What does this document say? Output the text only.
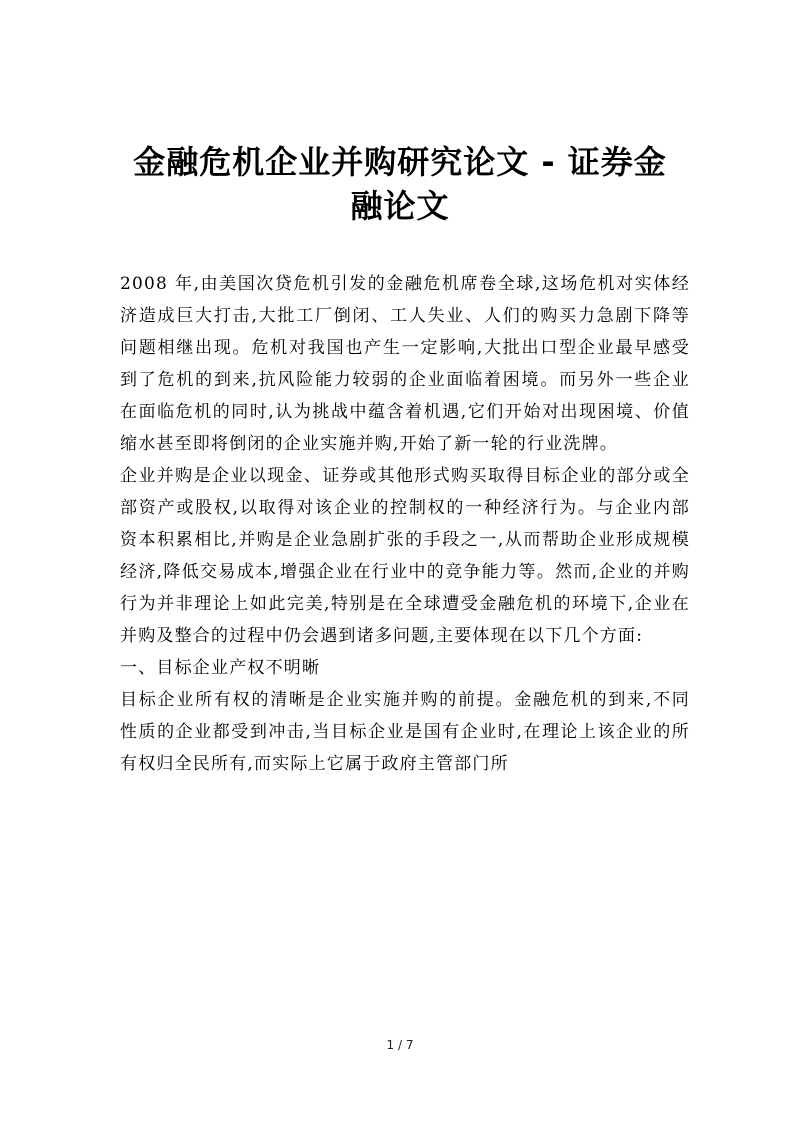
金融危机企业并购研究论文 - 证券金融论文

2008 年,由美国次贷危机引发的金融危机席卷全球,这场危机对实体经济造成巨大打击,大批工厂倒闭、工人失业、人们的购买力急剧下降等问题相继出现。危机对我国也产生一定影响,大批出口型企业最早感受到了危机的到来,抗风险能力较弱的企业面临着困境。而另外一些企业在面临危机的同时,认为挑战中蕴含着机遇,它们开始对出现困境、价值缩水甚至即将倒闭的企业实施并购,开始了新一轮的行业洗牌。

企业并购是企业以现金、证券或其他形式购买取得目标企业的部分或全部资产或股权,以取得对该企业的控制权的一种经济行为。与企业内部资本积累相比,并购是企业急剧扩张的手段之一,从而帮助企业形成规模经济,降低交易成本,增强企业在行业中的竞争能力等。然而,企业的并购行为并非理论上如此完美,特别是在全球遭受金融危机的环境下,企业在并购及整合的过程中仍会遇到诸多问题,主要体现在以下几个方面:

一、目标企业产权不明晰

目标企业所有权的清晰是企业实施并购的前提。金融危机的到来,不同性质的企业都受到冲击,当目标企业是国有企业时,在理论上该企业的所有权归全民所有,而实际上它属于政府主管部门所

1 / 7
